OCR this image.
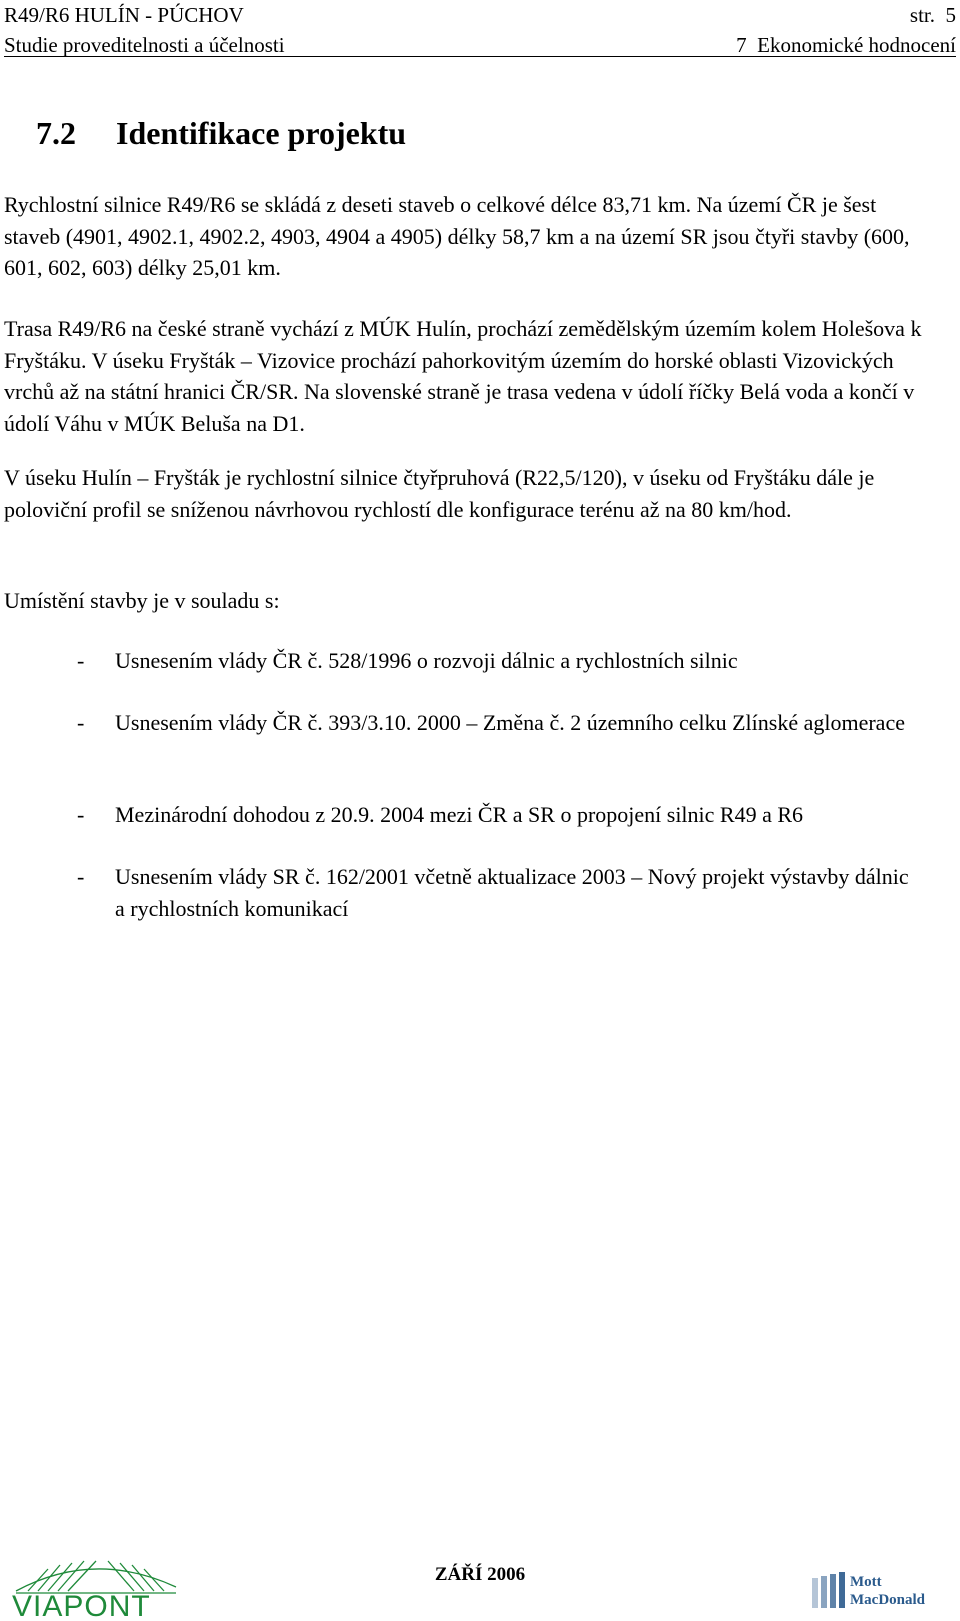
R49/R6 HULÍN - PÚCHOV	str.  5
Studie proveditelnosti a účelnosti	7  Ekonomické hodnocení
7.2 Identifikace projektu

Rychlostní silnice R49/R6 se skládá z deseti staveb o celkové délce 83,71 km. Na území ČR je šest staveb (4901, 4902.1, 4902.2, 4903, 4904 a 4905) délky 58,7 km a na území SR jsou čtyři stavby (600, 601, 602, 603) délky 25,01 km.

Trasa R49/R6 na české straně vychází z MÚK Hulín, prochází zemědělským územím kolem Holešova k Fryštáku. V úseku Fryšták – Vizovice prochází pahorkovitým územím do horské oblasti Vizovických vrchů až na státní hranici ČR/SR. Na slovenské straně je trasa vedena v údolí říčky Belá voda a končí v údolí Váhu v MÚK Beluša na D1.

V úseku Hulín – Fryšták je rychlostní silnice čtyřpruhová (R22,5/120), v úseku od Fryštáku dále je poloviční profil se sníženou návrhovou rychlostí dle konfigurace terénu až na 80 km/hod.

Umístění stavby je v souladu s:

- Usnesením vlády ČR č. 528/1996 o rozvoji dálnic a rychlostních silnic
- Usnesením vlády ČR č. 393/3.10. 2000 – Změna č. 2 územního celku Zlínské aglomerace
- Mezinárodní dohodou z 20.9. 2004 mezi ČR a SR o propojení silnic R49 a R6
- Usnesením vlády SR č. 162/2001 včetně aktualizace 2003 – Nový projekt výstavby dálnic a rychlostních komunikací
ZÁŘÍ 2006
VIAPONT
Mott
MacDonald
